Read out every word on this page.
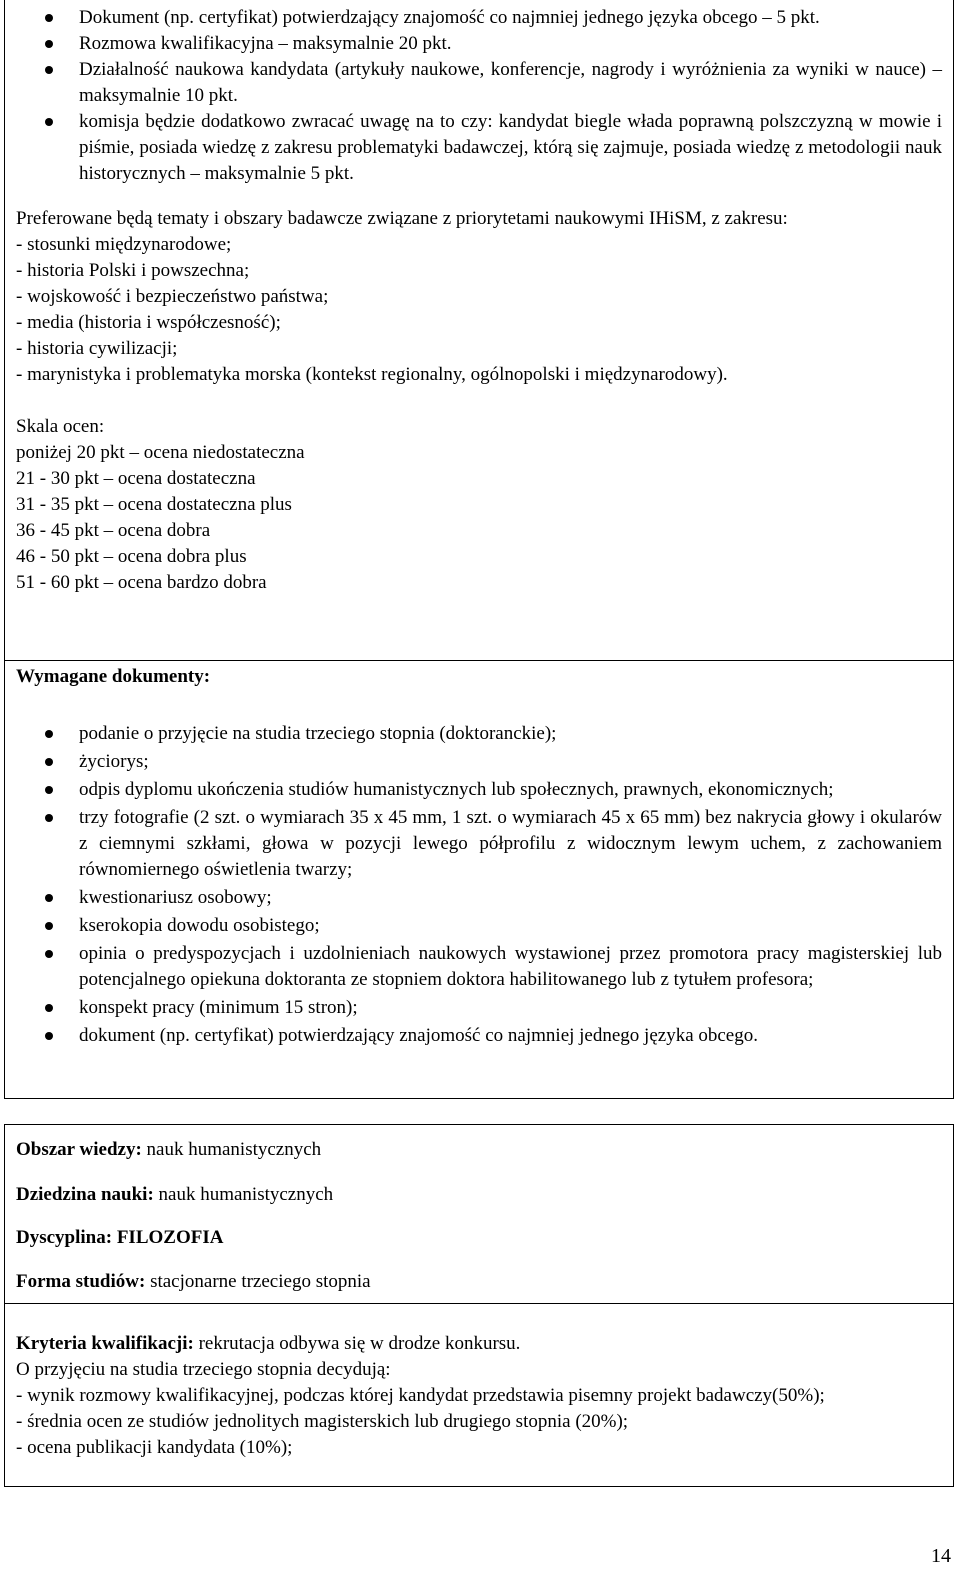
Dokument (np. certyfikat) potwierdzający znajomość co najmniej jednego języka obcego – 5 pkt.
Rozmowa kwalifikacyjna – maksymalnie 20 pkt.
Działalność naukowa kandydata (artykuły naukowe, konferencje, nagrody i wyróżnienia za wyniki w nauce) – maksymalnie 10 pkt.
komisja będzie dodatkowo zwracać uwagę na to czy: kandydat biegle włada poprawną polszczyzną w mowie i piśmie, posiada wiedzę z zakresu problematyki badawczej, którą się zajmuje, posiada wiedzę z metodologii nauk historycznych – maksymalnie 5 pkt.

Preferowane będą tematy i obszary badawcze związane z priorytetami naukowymi IHiSM, z zakresu:

- stosunki międzynarodowe;

- historia Polski i powszechna;

- wojskowość i bezpieczeństwo państwa;

- media (historia i współczesność);

- historia cywilizacji;

- marynistyka i problematyka morska (kontekst regionalny, ogólnopolski i międzynarodowy).

Skala ocen:

poniżej 20 pkt – ocena niedostateczna

21 - 30 pkt – ocena dostateczna

31 - 35 pkt – ocena dostateczna plus

36 - 45 pkt – ocena dobra

46 - 50 pkt – ocena dobra plus

51 - 60 pkt – ocena bardzo dobra

Wymagane dokumenty:

podanie o przyjęcie na studia trzeciego stopnia (doktoranckie);
życiorys;
odpis dyplomu ukończenia studiów humanistycznych lub społecznych, prawnych, ekonomicznych;
trzy fotografie (2 szt. o wymiarach 35 x 45 mm, 1 szt. o wymiarach 45 x 65 mm) bez nakrycia głowy i okularów z ciemnymi szkłami, głowa w pozycji lewego półprofilu z widocznym lewym uchem, z zachowaniem równomiernego oświetlenia twarzy;
kwestionariusz osobowy;
kserokopia dowodu osobistego;
opinia o predyspozycjach i uzdolnieniach naukowych wystawionej przez promotora pracy magisterskiej lub potencjalnego opiekuna doktoranta ze stopniem doktora habilitowanego lub z tytułem profesora;
konspekt pracy (minimum 15 stron);
dokument (np. certyfikat) potwierdzający znajomość co najmniej jednego języka obcego.

Obszar wiedzy: nauk humanistycznych

Dziedzina nauki: nauk humanistycznych

Dyscyplina: FILOZOFIA

Forma studiów: stacjonarne trzeciego stopnia

Kryteria kwalifikacji: rekrutacja odbywa się w drodze konkursu.

O przyjęciu na studia trzeciego stopnia decydują:

- wynik rozmowy kwalifikacyjnej, podczas której kandydat przedstawia pisemny projekt badawczy(50%);

- średnia ocen ze studiów jednolitych magisterskich lub drugiego stopnia (20%);

- ocena publikacji kandydata (10%);

14
